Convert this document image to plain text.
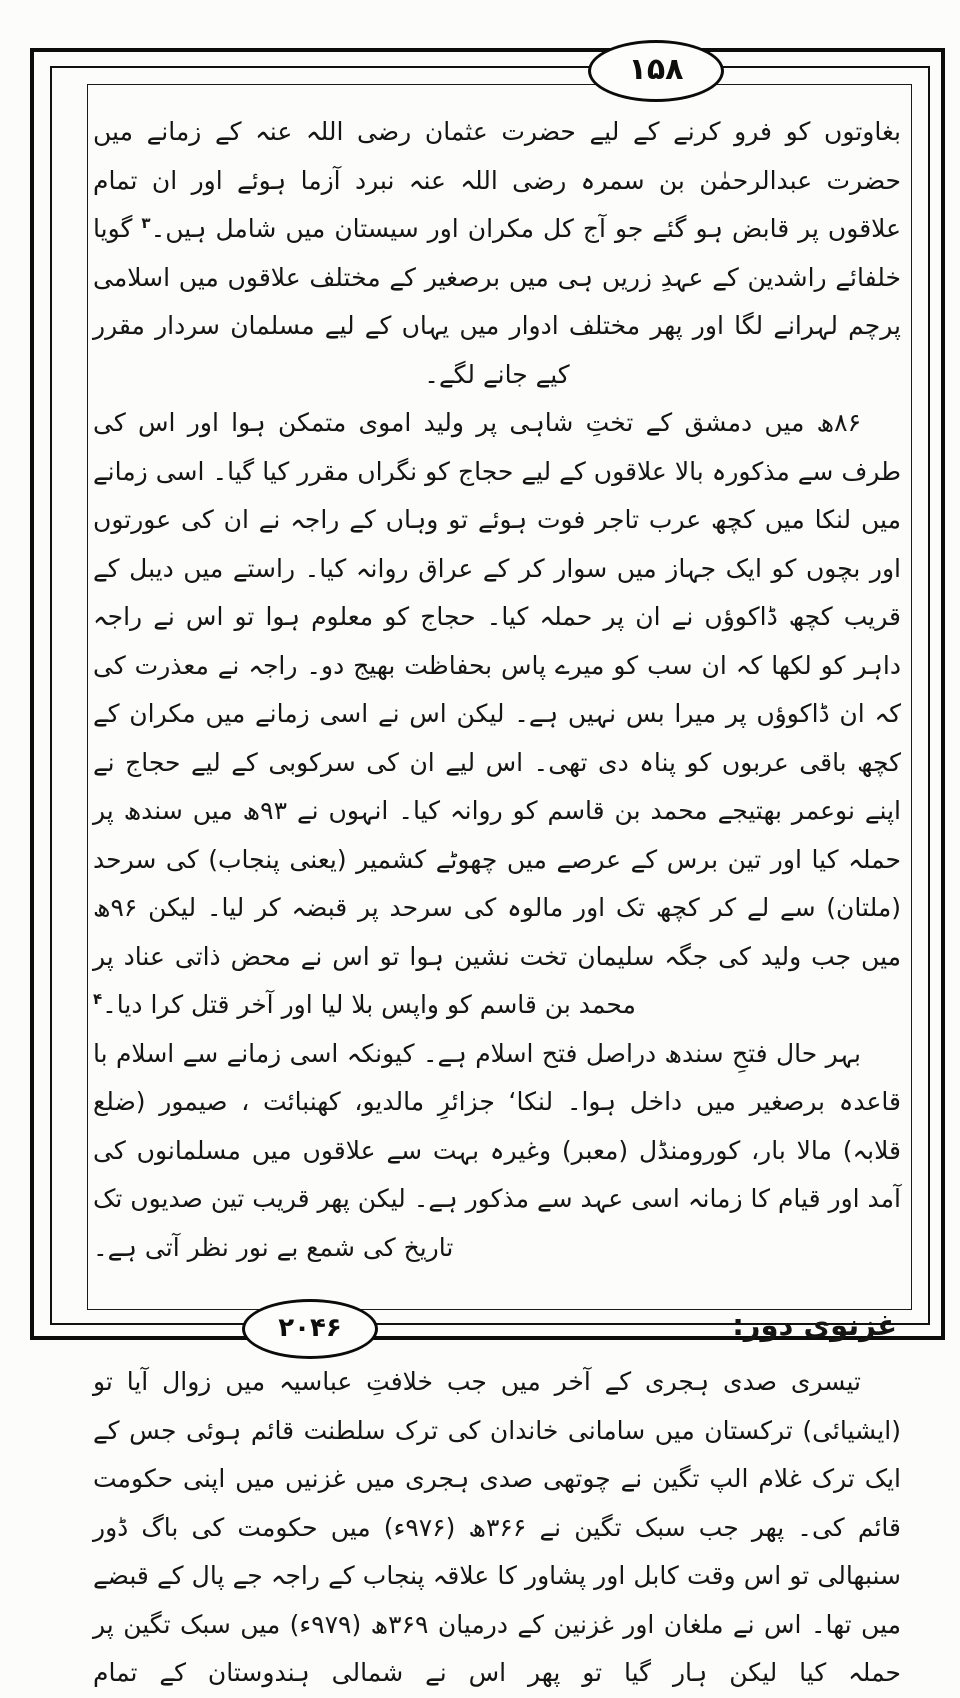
۱۵۸
۲۰۴۶

بغاوتوں کو فرو کرنے کے لیے حضرت عثمان رضی اللہ عنہ کے زمانے میں حضرت عبدالرحمٰن بن سمرہ رضی اللہ عنہ نبرد آزما ہوئے اور ان تمام علاقوں پر قابض ہو گئے جو آج کل مکران اور سیستان میں شامل ہیں۔$^۳$ گویا خلفائے راشدین کے عہدِ زریں ہی میں برصغیر کے مختلف علاقوں میں اسلامی پرچم لہرانے لگا اور پھر مختلف ادوار میں یہاں کے لیے مسلمان سردار مقرر کیے جانے لگے۔

۸۶ھ میں دمشق کے تختِ شاہی پر ولید اموی متمکن ہوا اور اس کی طرف سے مذکورہ بالا علاقوں کے لیے حجاج کو نگراں مقرر کیا گیا۔ اسی زمانے میں لنکا میں کچھ عرب تاجر فوت ہوئے تو وہاں کے راجہ نے ان کی عورتوں اور بچوں کو ایک جہاز میں سوار کر کے عراق روانہ کیا۔ راستے میں دیبل کے قریب کچھ ڈاکوؤں نے ان پر حملہ کیا۔ حجاج کو معلوم ہوا تو اس نے راجہ داہر کو لکھا کہ ان سب کو میرے پاس بحفاظت بھیج دو۔ راجہ نے معذرت کی کہ ان ڈاکوؤں پر میرا بس نہیں ہے۔ لیکن اس نے اسی زمانے میں مکران کے کچھ باقی عربوں کو پناہ دی تھی۔ اس لیے ان کی سرکوبی کے لیے حجاج نے اپنے نوعمر بھتیجے محمد بن قاسم کو روانہ کیا۔ انہوں نے ۹۳ھ میں سندھ پر حملہ کیا اور تین برس کے عرصے میں چھوٹے کشمیر (یعنی پنجاب) کی سرحد (ملتان) سے لے کر کچھ تک اور مالوہ کی سرحد پر قبضہ کر لیا۔ لیکن ۹۶ھ میں جب ولید کی جگہ سلیمان تخت نشین ہوا تو اس نے محض ذاتی عناد پر محمد بن قاسم کو واپس بلا لیا اور آخر قتل کرا دیا۔$^۴$

بہر حال فتحِ سندھ دراصل فتح اسلام ہے۔ کیونکہ اسی زمانے سے اسلام با قاعدہ برصغیر میں داخل ہوا۔ لنکا‘ جزائرِ مالدیو، کھنبائت ، صیمور (ضلع قلابہ) مالا بار، کورومنڈل (معبر) وغیرہ بہت سے علاقوں میں مسلمانوں کی آمد اور قیام کا زمانہ اسی عہد سے مذکور ہے۔ لیکن پھر قریب تین صدیوں تک تاریخ کی شمع بے نور نظر آتی ہے۔

غزنوی دور:

تیسری صدی ہجری کے آخر میں جب خلافتِ عباسیہ میں زوال آیا تو (ایشیائی) ترکستان میں سامانی خاندان کی ترک سلطنت قائم ہوئی جس کے ایک ترک غلام الپ تگین نے چوتھی صدی ہجری میں غزنیں میں اپنی حکومت قائم کی۔ پھر جب سبک تگین نے ۳۶۶ھ (۹۷۶ء) میں حکومت کی باگ ڈور سنبھالی تو اس وقت کابل اور پشاور کا علاقہ پنجاب کے راجہ جے پال کے قبضے میں تھا۔ اس نے ملغان اور غزنین کے درمیان ۳۶۹ھ (۹۷۹ء) میں سبک تگین پر حملہ کیا لیکن ہار گیا تو پھر اس نے شمالی ہندوستان کے تمام
